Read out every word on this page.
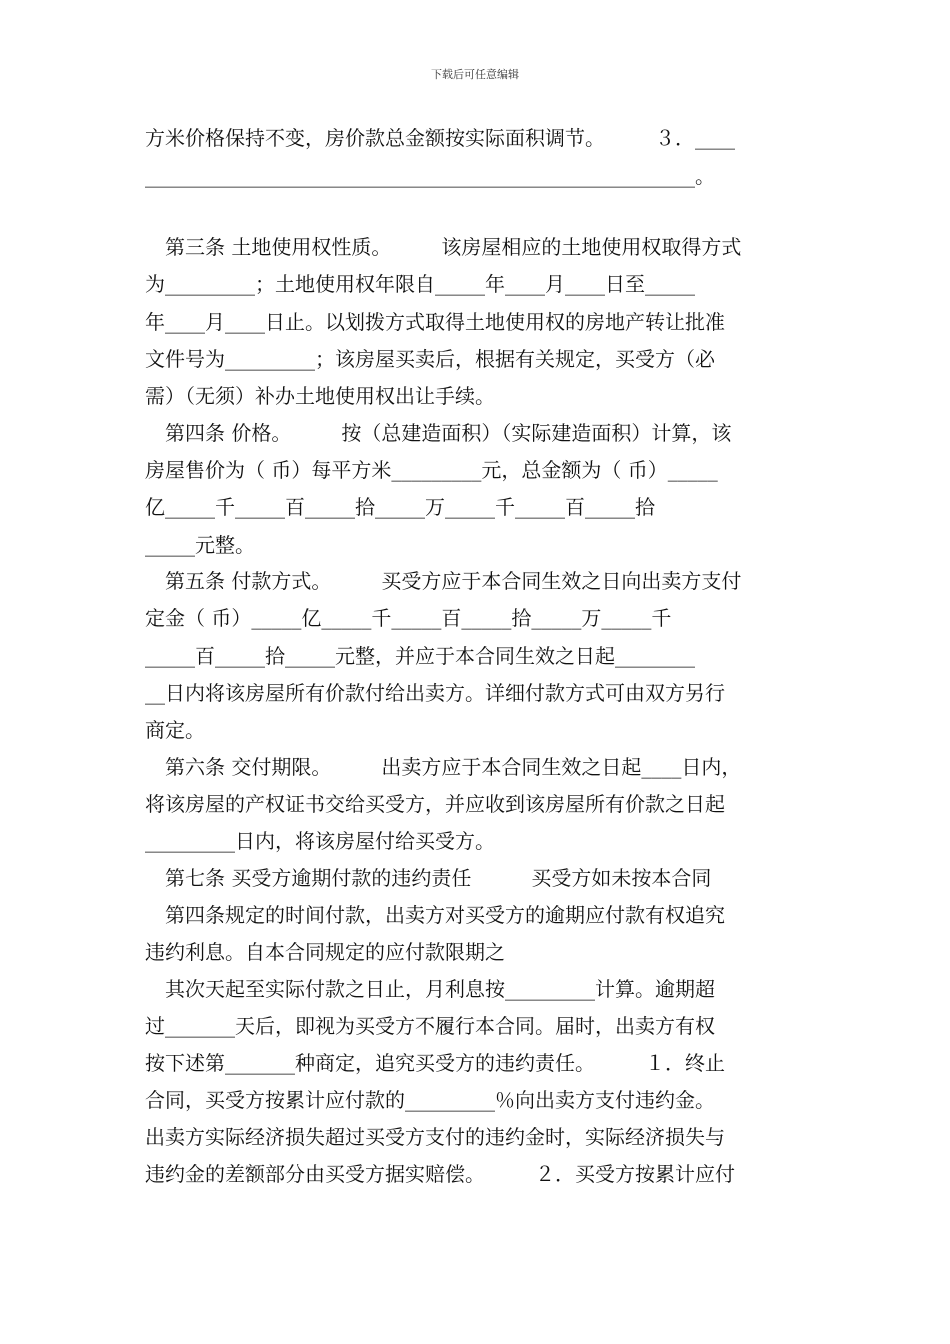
下载后可任意编辑
方米价格保持不变，房价款总金额按实际面积调节。　　　３．____
_______________________________________________________。
　第三条 土地使用权性质。　　　该房屋相应的土地使用权取得方式
为_________；土地使用权年限自_____年____月____日至_____
年____月____日止。以划拨方式取得土地使用权的房地产转让批准
文件号为_________；该房屋买卖后，根据有关规定，买受方（必
需）（无须）补办土地使用权出让手续。
　第四条 价格。　　　按（总建造面积）（实际建造面积）计算，该
房屋售价为（ 币）每平方米_________元，总金额为（ 币）_____
亿_____千_____百_____拾_____万_____千_____百_____拾
_____元整。
　第五条 付款方式。　　　买受方应于本合同生效之日向出卖方支付
定金（ 币）_____亿_____千_____百_____拾_____万_____千
_____百_____拾_____元整，并应于本合同生效之日起________
__日内将该房屋所有价款付给出卖方。详细付款方式可由双方另行
商定。
　第六条 交付期限。　　　出卖方应于本合同生效之日起____日内，
将该房屋的产权证书交给买受方，并应收到该房屋所有价款之日起
_________日内，将该房屋付给买受方。
　第七条 买受方逾期付款的违约责任　　　买受方如未按本合同
　第四条规定的时间付款，出卖方对买受方的逾期应付款有权追究
违约利息。自本合同规定的应付款限期之
　其次天起至实际付款之日止，月利息按_________计算。逾期超
过_______天后，即视为买受方不履行本合同。届时，出卖方有权
按下述第_______种商定，追究买受方的违约责任。　　　１．终止
合同，买受方按累计应付款的_________％向出卖方支付违约金。
出卖方实际经济损失超过买受方支付的违约金时，实际经济损失与
违约金的差额部分由买受方据实赔偿。　　　２．买受方按累计应付
